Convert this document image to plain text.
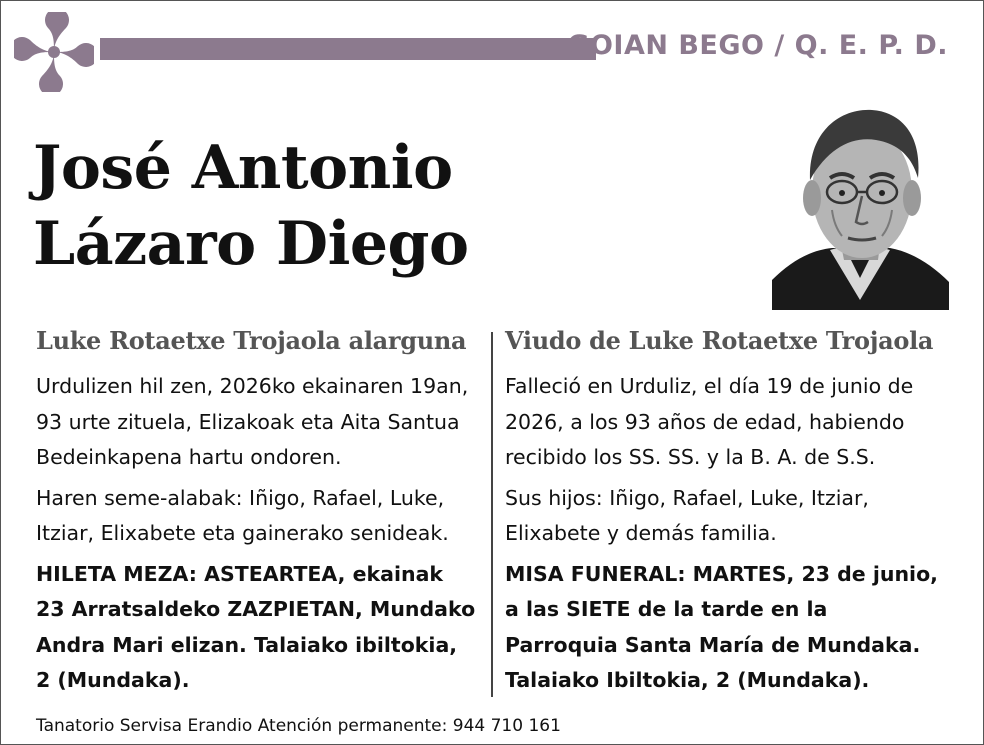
GOIAN BEGO / Q. E. P. D.
José Antonio
Lázaro Diego
Luke Rotaetxe Trojaola alarguna

Urdulizen hil zen, 2026ko ekainaren 19an, 93 urte zituela, Elizakoak eta Aita Santua Bedeinkapena hartu ondoren.

Haren seme-alabak: Iñigo, Rafael, Luke, Itziar, Elixabete eta gainerako senideak.

HILETA MEZA: ASTEARTEA, ekainak 23 Arratsaldeko ZAZPIETAN, Mundako Andra Mari elizan. Talaiako ibiltokia, 2 (Mundaka).

Viudo de Luke Rotaetxe Trojaola

Falleció en Urduliz, el día 19 de junio de 2026, a los 93 años de edad, habiendo recibido los SS. SS. y la B. A. de S.S.

Sus hijos: Iñigo, Rafael, Luke, Itziar, Elixabete y demás familia.

MISA FUNERAL: MARTES, 23 de junio, a las SIETE de la tarde en la Parroquia Santa María de Mundaka. Talaiako Ibiltokia, 2 (Mundaka).

Tanatorio Servisa Erandio Atención permanente: 944 710 161
